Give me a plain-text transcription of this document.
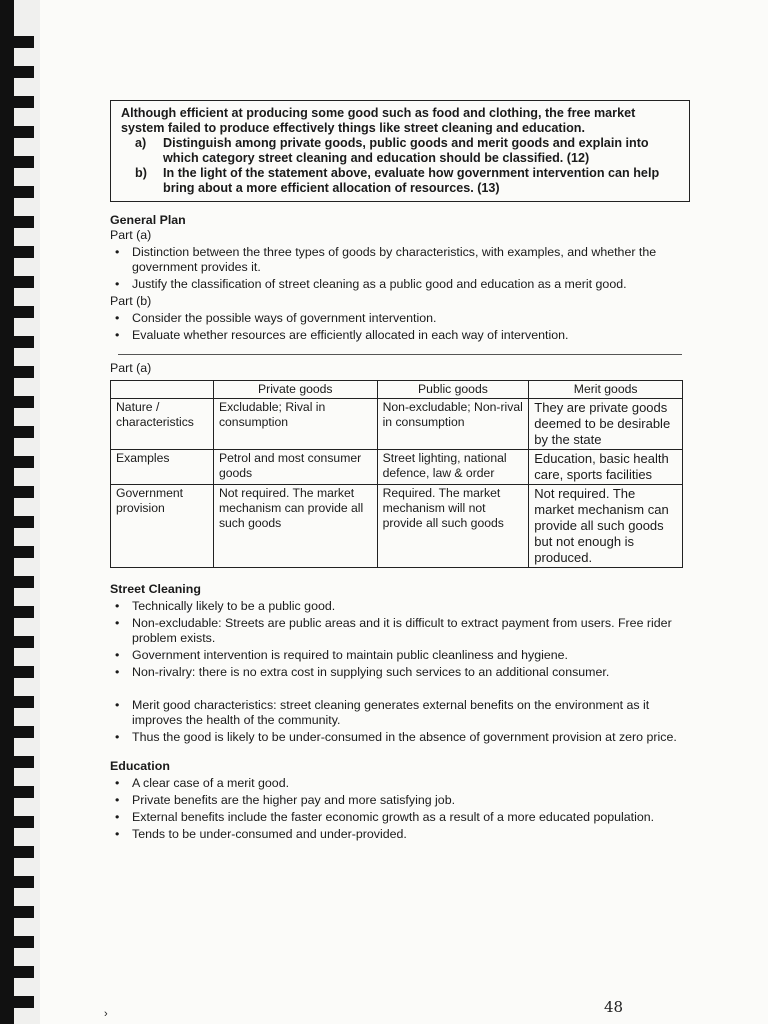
Although efficient at producing some good such as food and clothing, the free market system failed to produce effectively things like street cleaning and education.
a)	Distinguish among private goods, public goods and merit goods and explain into which category street cleaning and education should be classified. (12)
b)	In the light of the statement above, evaluate how government intervention can help bring about a more efficient allocation of resources. (13)
General Plan
Part (a)
• Distinction between the three types of goods by characteristics, with examples, and whether the government provides it.
• Justify the classification of street cleaning as a public good and education as a merit good.
Part (b)
• Consider the possible ways of government intervention.
• Evaluate whether resources are efficiently allocated in each way of intervention.
Part (a)
	Private goods	Public goods	Merit goods
Nature / characteristics	Excludable; Rival in consumption	Non-excludable; Non-rival in consumption	They are private goods deemed to be desirable by the state
Examples	Petrol and most consumer goods	Street lighting, national defence, law & order	Education, basic health care, sports facilities
Government provision	Not required. The market mechanism can provide all such goods	Required. The market mechanism will not provide all such goods	Not required. The market mechanism can provide all such goods but not enough is produced.
Street Cleaning
• Technically likely to be a public good.
• Non-excludable: Streets are public areas and it is difficult to extract payment from users. Free rider problem exists.
• Government intervention is required to maintain public cleanliness and hygiene.
• Non-rivalry: there is no extra cost in supplying such services to an additional consumer.
• Merit good characteristics: street cleaning generates external benefits on the environment as it improves the health of the community.
• Thus the good is likely to be under-consumed in the absence of government provision at zero price.
Education
• A clear case of a merit good.
• Private benefits are the higher pay and more satisfying job.
• External benefits include the faster economic growth as a result of a more educated population.
• Tends to be under-consumed and under-provided.
48
›
